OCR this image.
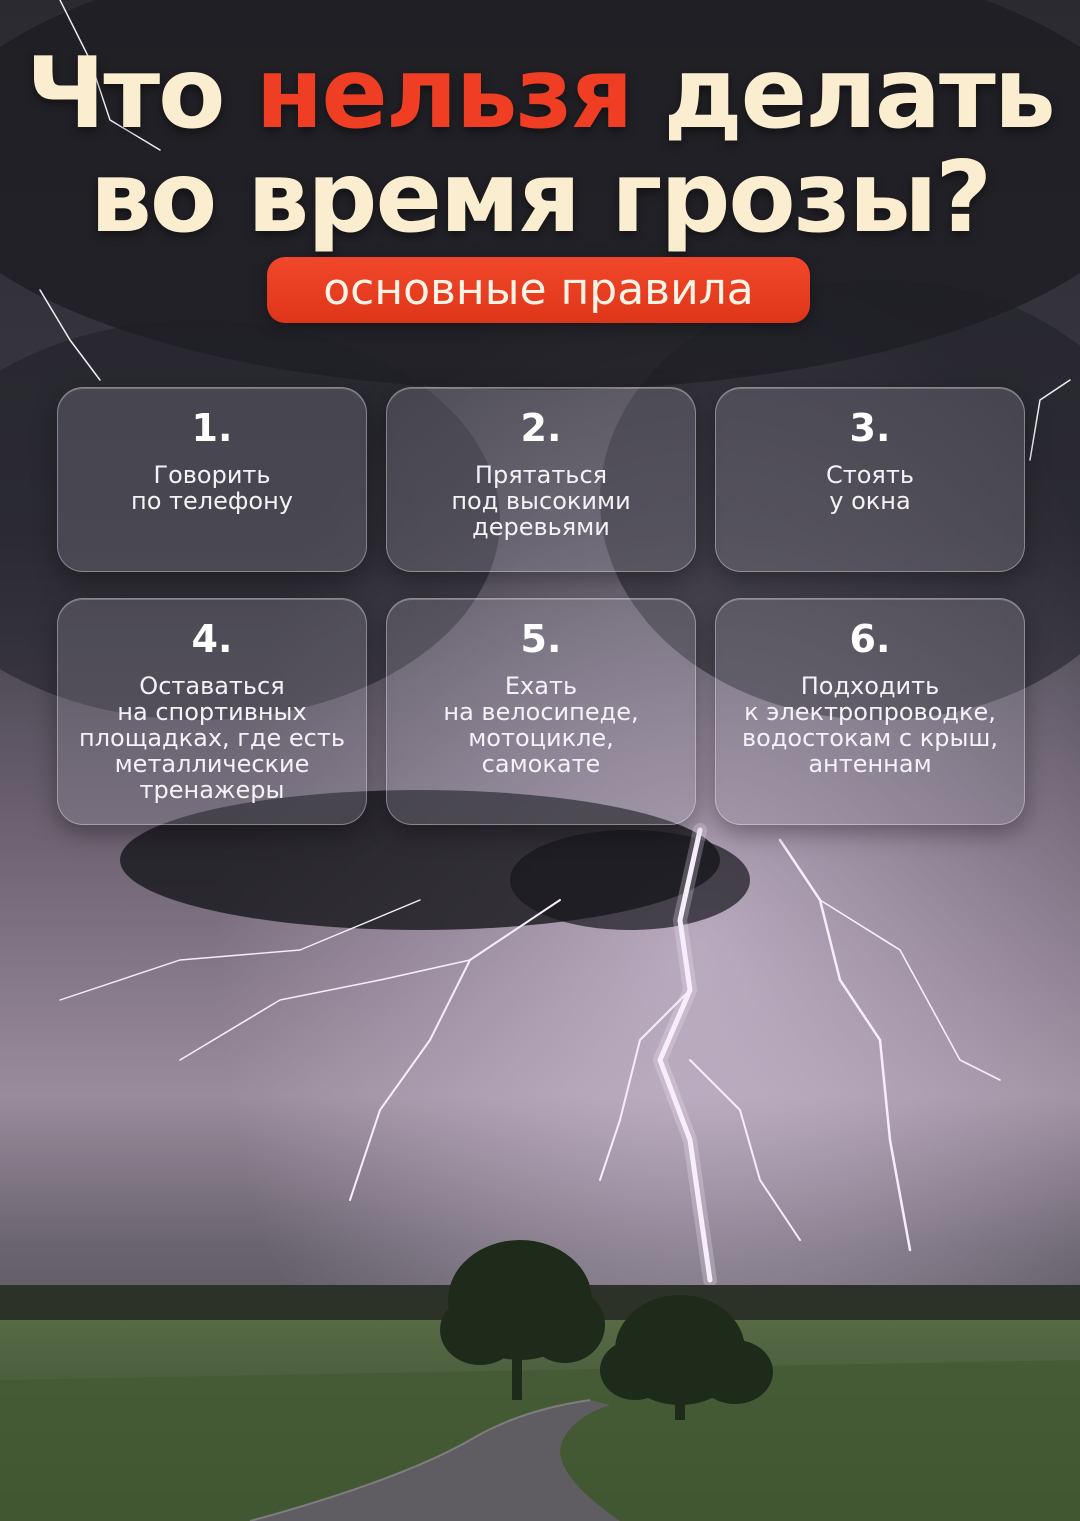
Что нельзя делать
во время грозы?
основные правила
1.
Говорить
по телефону
2.
Прятаться
под высокими
деревьями
3.
Стоять
у окна
4.
Оставаться
на спортивных
площадках, где есть
металлические
тренажеры
5.
Ехать
на велосипеде,
мотоцикле,
самокате
6.
Подходить
к электропроводке,
водостокам с крыш,
антеннам
